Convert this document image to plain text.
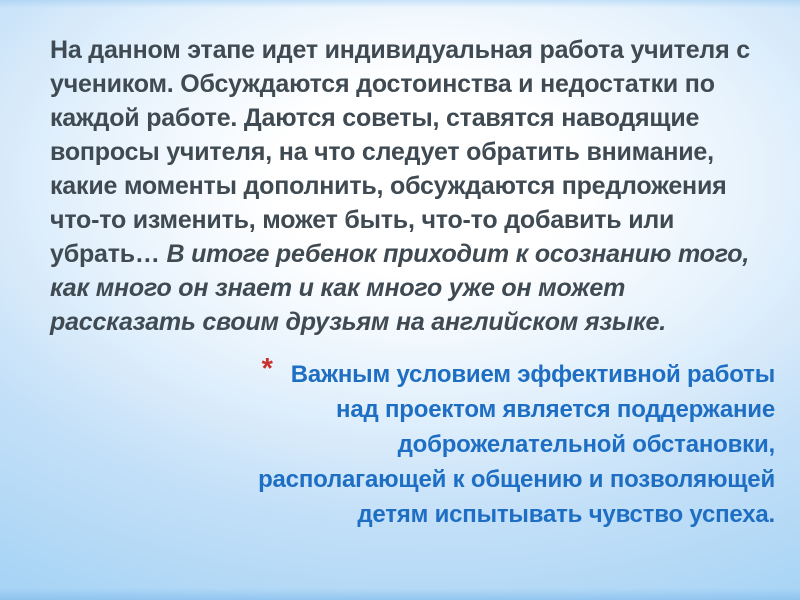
На данном этапе идет индивидуальная работа учителя с учеником. Обсуждаются достоинства и недостатки по каждой работе. Даются советы, ставятся наводящие вопросы учителя, на что следует обратить внимание, какие моменты дополнить, обсуждаются предложения что-то изменить, может быть, что-то добавить или убрать… В итоге ребенок приходит к осознанию того, как много он знает и как много уже он может рассказать своим друзьям на английском языке.
* Важным условием эффективной работы над проектом является поддержание доброжелательной обстановки, располагающей к общению и позволяющей детям испытывать чувство успеха.
